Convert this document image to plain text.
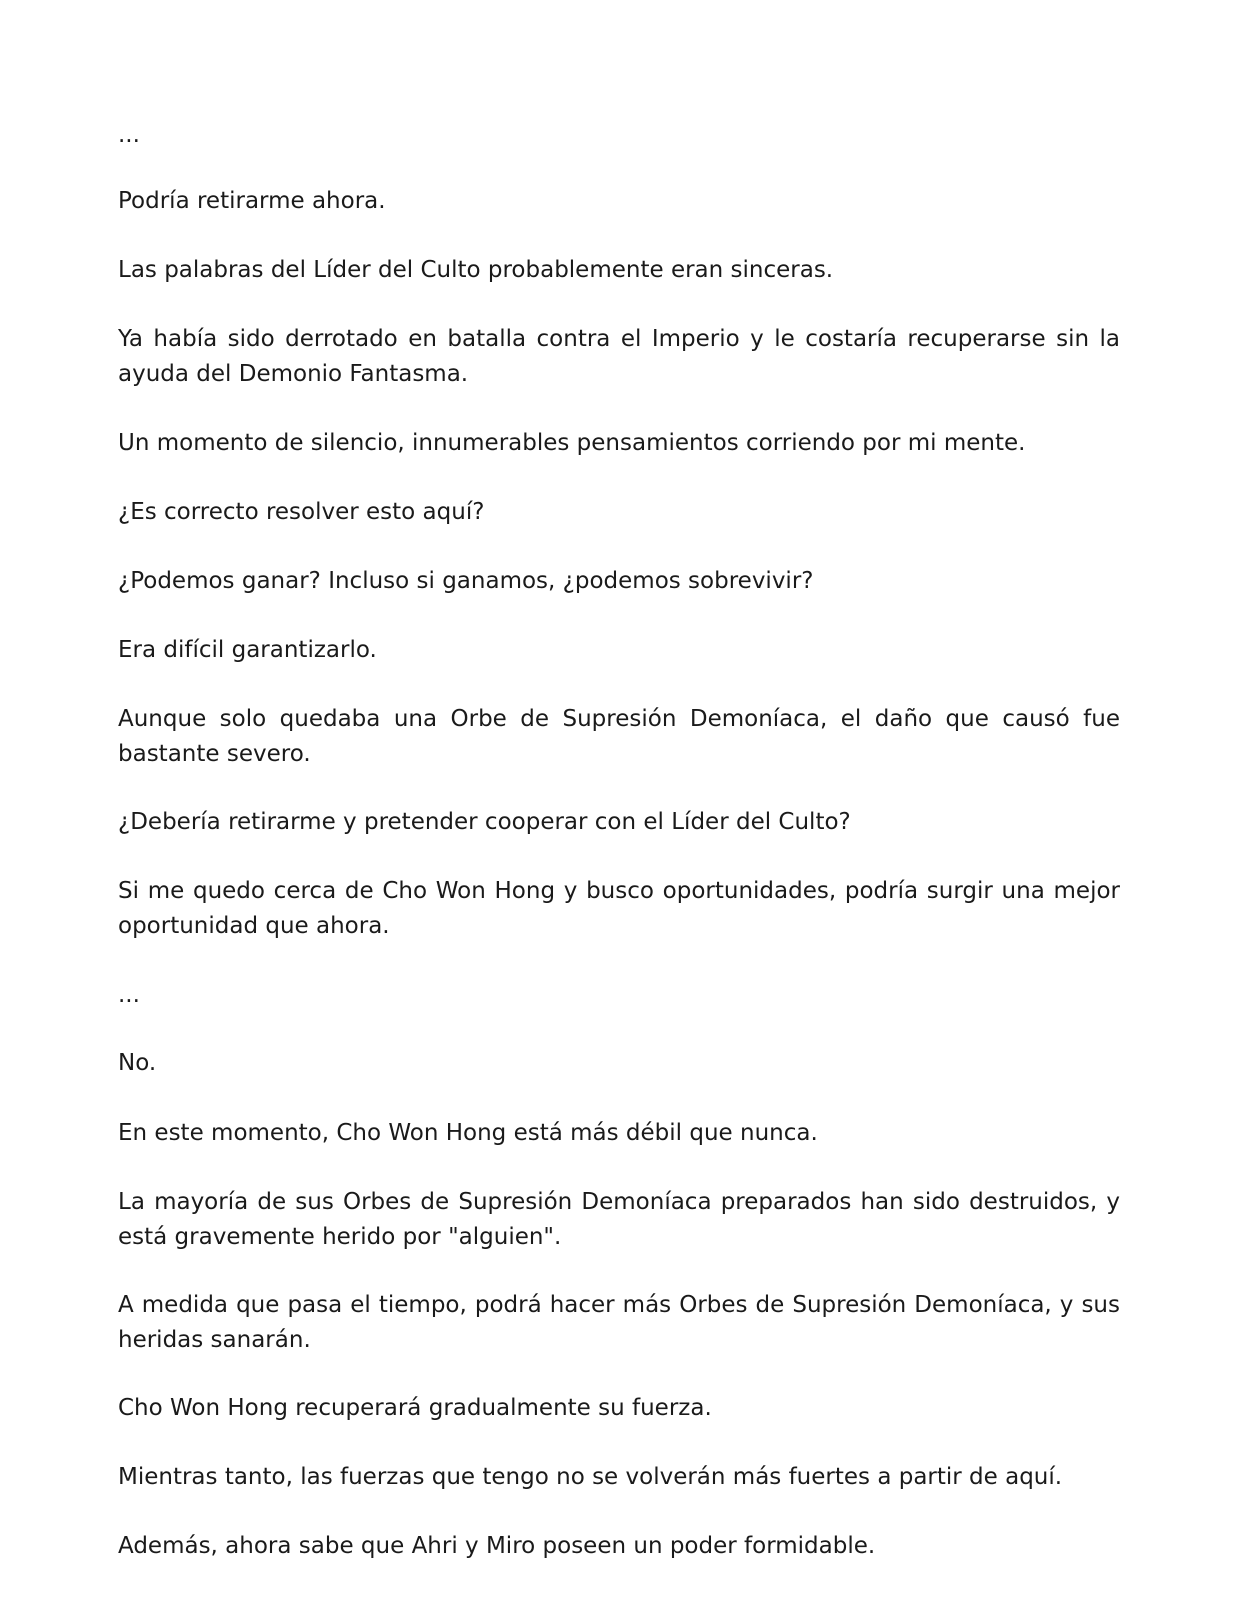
...

Podría retirarme ahora.

Las palabras del Líder del Culto probablemente eran sinceras.

Ya había sido derrotado en batalla contra el Imperio y le costaría recuperarse sin la ayuda del Demonio Fantasma.

Un momento de silencio, innumerables pensamientos corriendo por mi mente.

¿Es correcto resolver esto aquí?

¿Podemos ganar? Incluso si ganamos, ¿podemos sobrevivir?

Era difícil garantizarlo.

Aunque solo quedaba una Orbe de Supresión Demoníaca, el daño que causó fue bastante severo.

¿Debería retirarme y pretender cooperar con el Líder del Culto?

Si me quedo cerca de Cho Won Hong y busco oportunidades, podría surgir una mejor oportunidad que ahora.

...

No.

En este momento, Cho Won Hong está más débil que nunca.

La mayoría de sus Orbes de Supresión Demoníaca preparados han sido destruidos, y está gravemente herido por "alguien".

A medida que pasa el tiempo, podrá hacer más Orbes de Supresión Demoníaca, y sus heridas sanarán.

Cho Won Hong recuperará gradualmente su fuerza.

Mientras tanto, las fuerzas que tengo no se volverán más fuertes a partir de aquí.

Además, ahora sabe que Ahri y Miro poseen un poder formidable.
